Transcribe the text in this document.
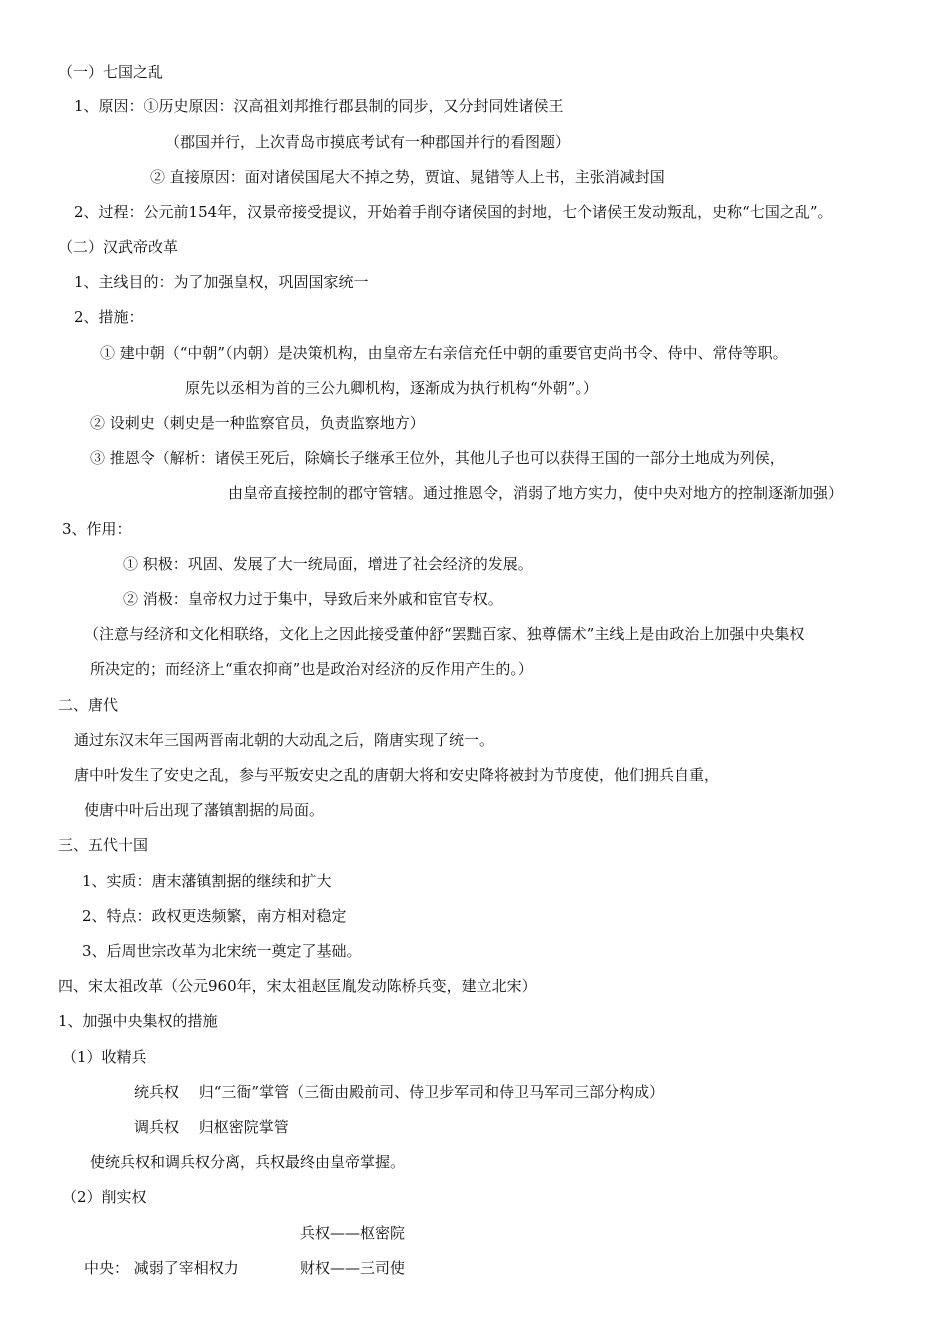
（一）七国之乱
1、原因：①历史原因：汉高祖刘邦推行郡县制的同步，又分封同姓诸侯王
（郡国并行，上次青岛市摸底考试有一种郡国并行的看图题）
② 直接原因：面对诸侯国尾大不掉之势，贾谊、晁错等人上书，主张消减封国
2、过程：公元前154年，汉景帝接受提议，开始着手削夺诸侯国的封地，七个诸侯王发动叛乱，史称“七国之乱”。
（二）汉武帝改革
1、主线目的：为了加强皇权，巩固国家统一
2、措施：
① 建中朝（“中朝”（内朝）是决策机构，由皇帝左右亲信充任中朝的重要官吏尚书令、侍中、常侍等职。
原先以丞相为首的三公九卿机构，逐渐成为执行机构“外朝”。）
② 设刺史（刺史是一种监察官员，负责监察地方）
③ 推恩令（解析：诸侯王死后，除嫡长子继承王位外，其他儿子也可以获得王国的一部分土地成为列侯，
由皇帝直接控制的郡守管辖。通过推恩令，消弱了地方实力，使中央对地方的控制逐渐加强）
3、作用：
① 积极：巩固、发展了大一统局面，增进了社会经济的发展。
② 消极：皇帝权力过于集中，导致后来外戚和宦官专权。
（注意与经济和文化相联络，文化上之因此接受董仲舒“罢黜百家、独尊儒术”主线上是由政治上加强中央集权
所决定的；而经济上“重农抑商”也是政治对经济的反作用产生的。）
二、唐代
通过东汉末年三国两晋南北朝的大动乱之后，隋唐实现了统一。
唐中叶发生了安史之乱，参与平叛安史之乱的唐朝大将和安史降将被封为节度使，他们拥兵自重，
使唐中叶后出现了藩镇割据的局面。
三、五代十国
1、实质：唐末藩镇割据的继续和扩大
2、特点：政权更迭频繁，南方相对稳定
3、后周世宗改革为北宋统一奠定了基础。
四、宋太祖改革（公元960年，宋太祖赵匡胤发动陈桥兵变，建立北宋）
1、加强中央集权的措施
（1）收精兵
统兵权　 归“三衙”掌管（三衙由殿前司、侍卫步军司和侍卫马军司三部分构成）
调兵权　 归枢密院掌管
使统兵权和调兵权分离，兵权最终由皇帝掌握。
（2）削实权
兵权——枢密院
中央： 减弱了宰相权力	财权——三司使
